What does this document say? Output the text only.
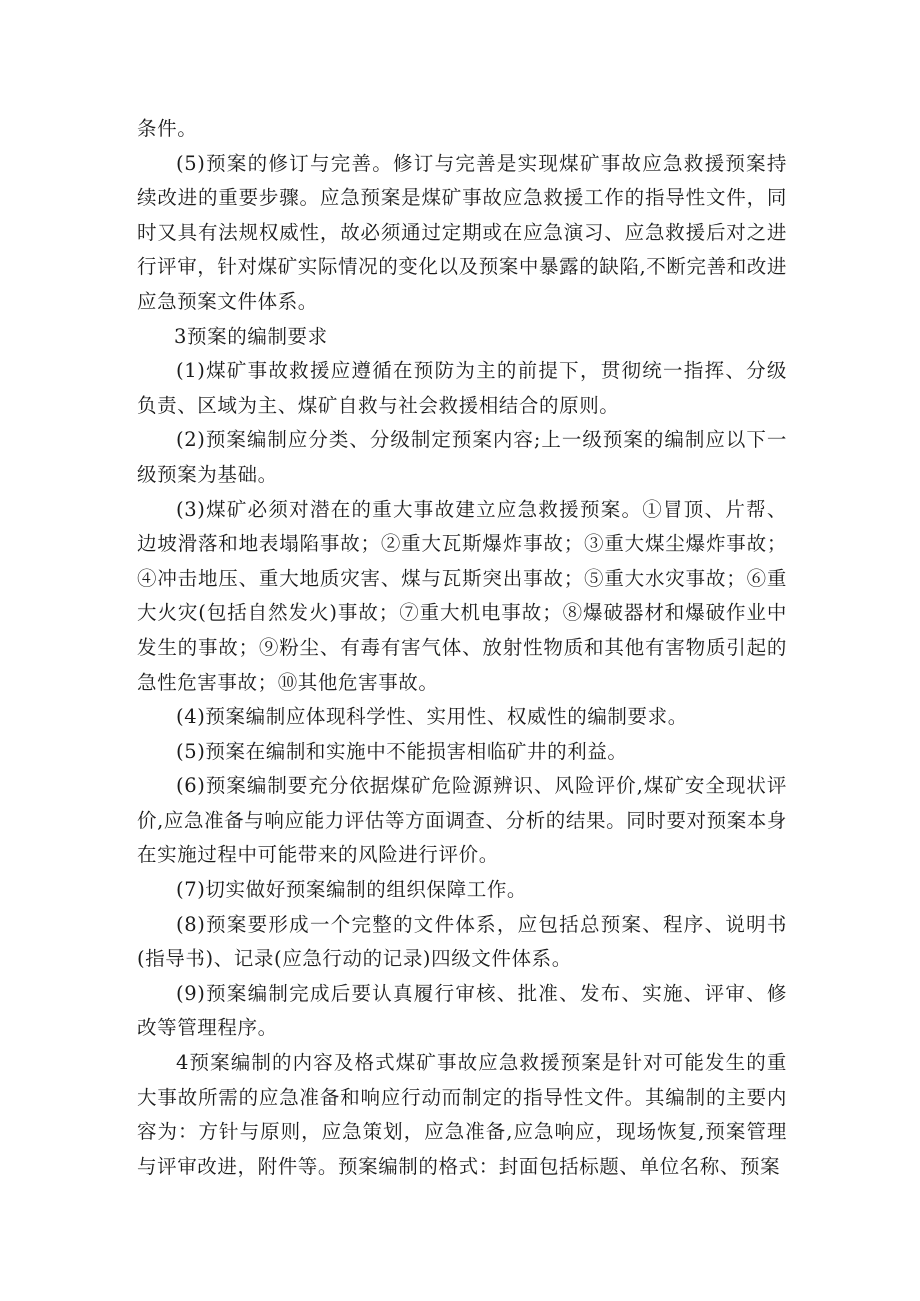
条件。

(5)预案的修订与完善。修订与完善是实现煤矿事故应急救援预案持续改进的重要步骤。应急预案是煤矿事故应急救援工作的指导性文件，同时又具有法规权威性，故必须通过定期或在应急演习、应急救援后对之进行评审，针对煤矿实际情况的变化以及预案中暴露的缺陷,不断完善和改进应急预案文件体系。

3预案的编制要求

(1)煤矿事故救援应遵循在预防为主的前提下，贯彻统一指挥、分级负责、区域为主、煤矿自救与社会救援相结合的原则。

(2)预案编制应分类、分级制定预案内容;上一级预案的编制应以下一级预案为基础。

(3)煤矿必须对潜在的重大事故建立应急救援预案。①冒顶、片帮、边坡滑落和地表塌陷事故；②重大瓦斯爆炸事故；③重大煤尘爆炸事故；④冲击地压、重大地质灾害、煤与瓦斯突出事故；⑤重大水灾事故；⑥重大火灾(包括自然发火)事故；⑦重大机电事故；⑧爆破器材和爆破作业中发生的事故；⑨粉尘、有毒有害气体、放射性物质和其他有害物质引起的急性危害事故；⑩其他危害事故。

(4)预案编制应体现科学性、实用性、权威性的编制要求。

(5)预案在编制和实施中不能损害相临矿井的利益。

(6)预案编制要充分依据煤矿危险源辨识、风险评价,煤矿安全现状评价,应急准备与响应能力评估等方面调查、分析的结果。同时要对预案本身在实施过程中可能带来的风险进行评价。

(7)切实做好预案编制的组织保障工作。

(8)预案要形成一个完整的文件体系，应包括总预案、程序、说明书(指导书)、记录(应急行动的记录)四级文件体系。

(9)预案编制完成后要认真履行审核、批准、发布、实施、评审、修改等管理程序。

4预案编制的内容及格式煤矿事故应急救援预案是针对可能发生的重大事故所需的应急准备和响应行动而制定的指导性文件。其编制的主要内容为：方针与原则，应急策划，应急准备,应急响应，现场恢复,预案管理与评审改进，附件等。预案编制的格式：封面包括标题、单位名称、预案
